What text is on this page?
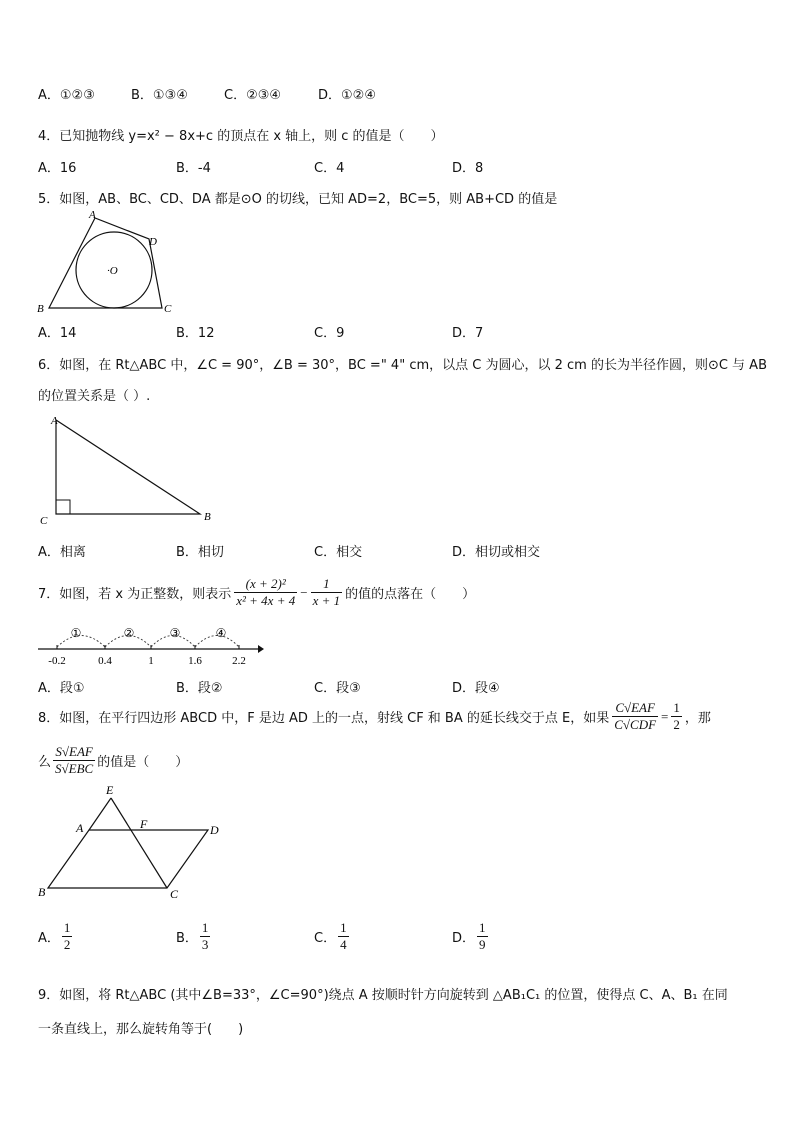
A．①②③	B．①③④	C．②③④	D．①②④
4．已知抛物线 y=x² − 8x+c 的顶点在 x 轴上，则 c 的值是（　　）
A．16	B．-4	C．4	D．8
5．如图，AB、BC、CD、DA 都是⊙O 的切线，已知 AD=2，BC=5，则 AB+CD 的值是
A
B	C
D
·O
A．14	B．12	C．9	D．7
6．如图，在 Rt△ABC 中，∠C = 90°，∠B = 30°，BC =" 4" cm，以点 C 为圆心，以 2 cm 的长为半径作圆，则⊙C 与 AB
的位置关系是（ ）.
A
C	B
A．相离	B．相切	C．相交	D．相切或相交
7．如图，若 x 为正整数，则表示 $\frac{\text{(x + 2)²}}{\text{x² + 4x + 4}} - \frac{1}{x + 1}$ 的值的点落在（　　）
①	②	③	④
-0.2	0.4	1	1.6	2.2
A．段①	B．段②	C．段③	D．段④
8．如图，在平行四边形 ABCD 中，F 是边 AD 上的一点，射线 CF 和 BA 的延长线交于点 E，如果 $\frac{\text{C√EAF}}{\text{C√CDF}} = \frac{1}{2}$ ，那
么 $\frac{\text{S√EAF}}{\text{S√EBC}}$ 的值是（　　）
E
A	F	D
B	C
A． $\frac{1}{2}$	B． $\frac{1}{3}$	C． $\frac{1}{4}$	D． $\frac{1}{9}$
9．如图，将 Rt△ABC (其中∠B=33°，∠C=90°)绕点 A 按顺时针方向旋转到 △AB₁C₁ 的位置，使得点 C、A、B₁ 在同
一条直线上，那么旋转角等于(　　)
